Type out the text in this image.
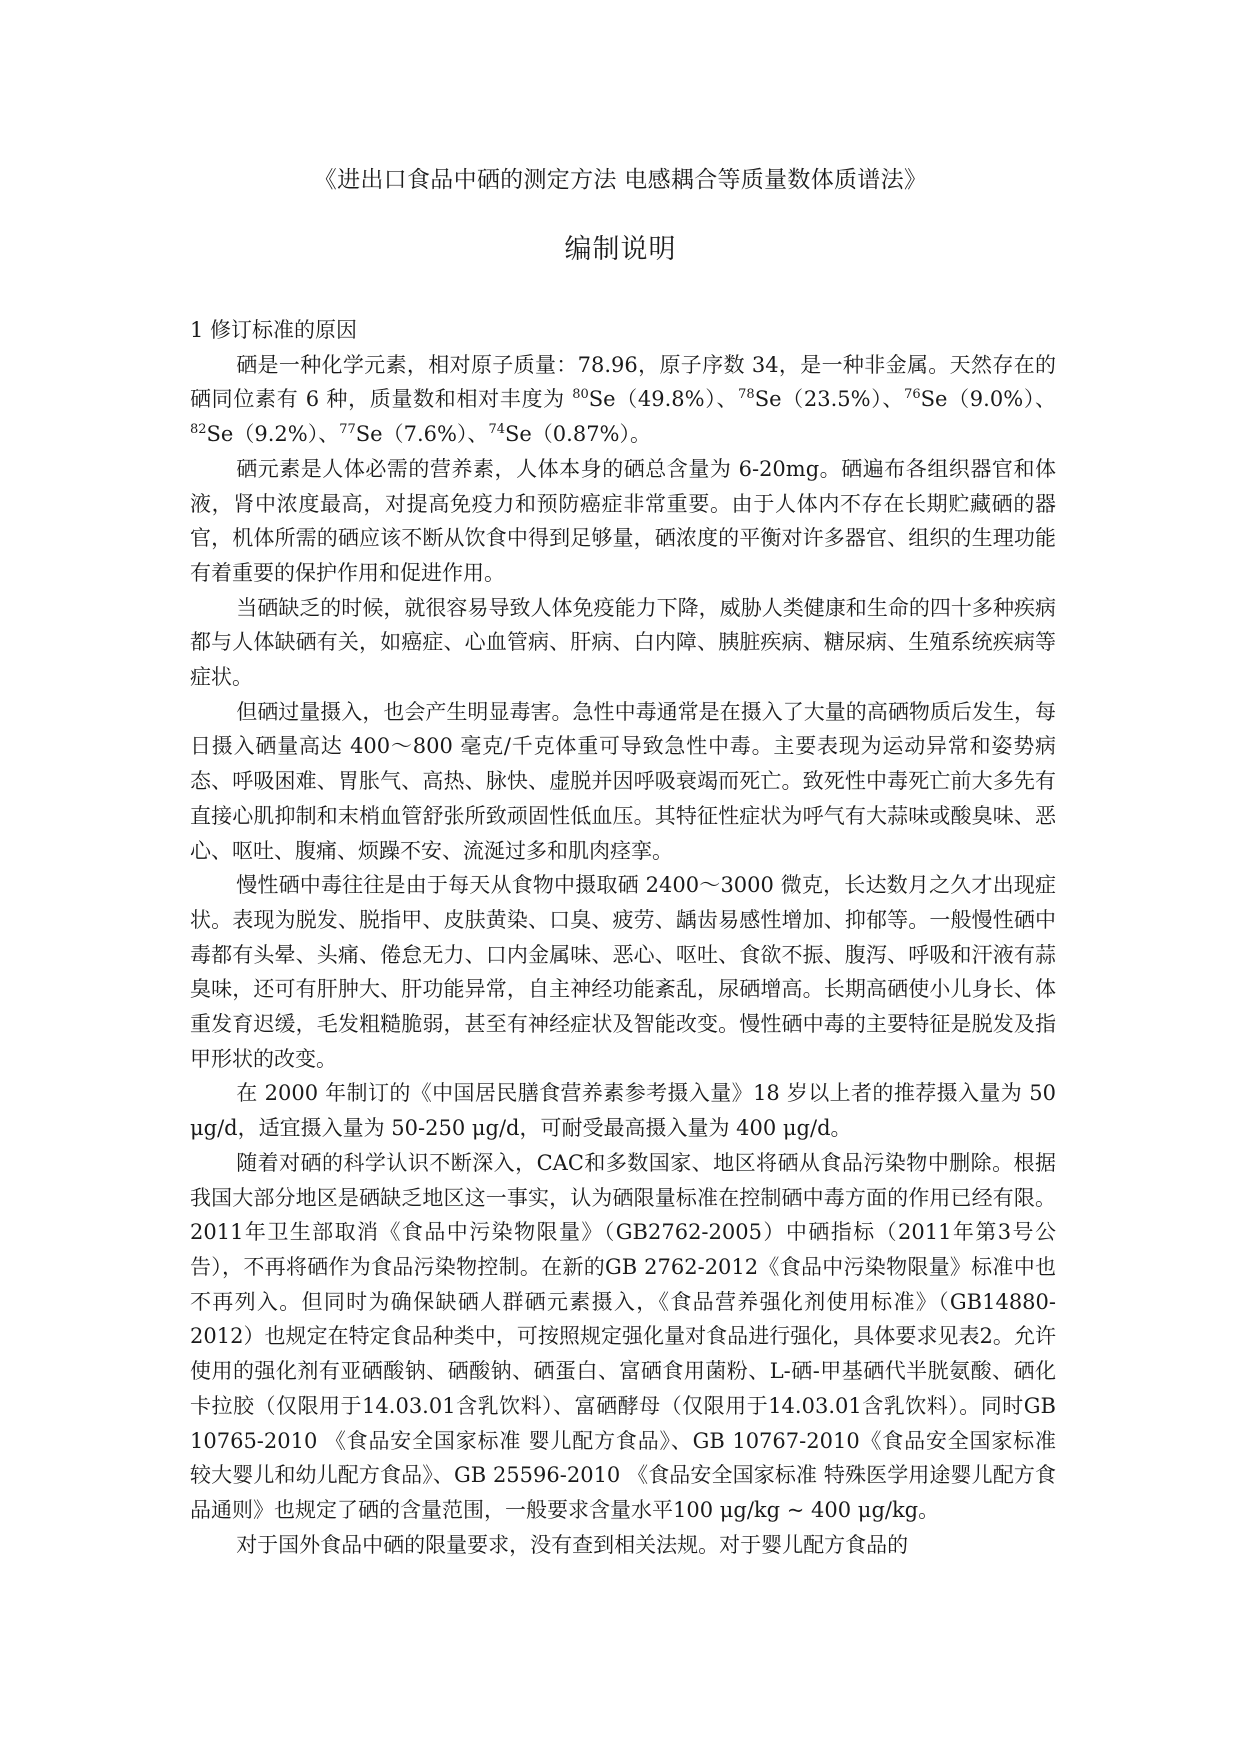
《进出口食品中硒的测定方法 电感耦合等质量数体质谱法》
编制说明

1 修订标准的原因

硒是一种化学元素，相对原子质量：78.96，原子序数 34，是一种非金属。天然存在的硒同位素有 6 种，质量数和相对丰度为 $^{80}$Se（49.8%）、$^{78}$Se（23.5%）、$^{76}$Se（9.0%）、$^{82}$Se（9.2%）、$^{77}$Se（7.6%）、$^{74}$Se（0.87%）。

硒元素是人体必需的营养素，人体本身的硒总含量为 6-20mg。硒遍布各组织器官和体液，肾中浓度最高，对提高免疫力和预防癌症非常重要。由于人体内不存在长期贮藏硒的器官，机体所需的硒应该不断从饮食中得到足够量，硒浓度的平衡对许多器官、组织的生理功能有着重要的保护作用和促进作用。

当硒缺乏的时候，就很容易导致人体免疫能力下降，威胁人类健康和生命的四十多种疾病都与人体缺硒有关，如癌症、心血管病、肝病、白内障、胰脏疾病、糖尿病、生殖系统疾病等症状。

但硒过量摄入，也会产生明显毒害。急性中毒通常是在摄入了大量的高硒物质后发生，每日摄入硒量高达 400～800 毫克/千克体重可导致急性中毒。主要表现为运动异常和姿势病态、呼吸困难、胃胀气、高热、脉快、虚脱并因呼吸衰竭而死亡。致死性中毒死亡前大多先有直接心肌抑制和末梢血管舒张所致顽固性低血压。其特征性症状为呼气有大蒜味或酸臭味、恶心、呕吐、腹痛、烦躁不安、流涎过多和肌肉痉挛。

慢性硒中毒往往是由于每天从食物中摄取硒 2400～3000 微克，长达数月之久才出现症状。表现为脱发、脱指甲、皮肤黄染、口臭、疲劳、龋齿易感性增加、抑郁等。一般慢性硒中毒都有头晕、头痛、倦怠无力、口内金属味、恶心、呕吐、食欲不振、腹泻、呼吸和汗液有蒜臭味，还可有肝肿大、肝功能异常，自主神经功能紊乱，尿硒增高。长期高硒使小儿身长、体重发育迟缓，毛发粗糙脆弱，甚至有神经症状及智能改变。慢性硒中毒的主要特征是脱发及指甲形状的改变。

在 2000 年制订的《中国居民膳食营养素参考摄入量》18 岁以上者的推荐摄入量为 50 μg/d，适宜摄入量为 50-250 μg/d，可耐受最高摄入量为 400 μg/d。

随着对硒的科学认识不断深入，CAC和多数国家、地区将硒从食品污染物中删除。根据我国大部分地区是硒缺乏地区这一事实，认为硒限量标准在控制硒中毒方面的作用已经有限。2011年卫生部取消《食品中污染物限量》（GB2762-2005）中硒指标（2011年第3号公告），不再将硒作为食品污染物控制。在新的GB 2762-2012《食品中污染物限量》标准中也不再列入。但同时为确保缺硒人群硒元素摄入，《食品营养强化剂使用标准》（GB14880-2012）也规定在特定食品种类中，可按照规定强化量对食品进行强化，具体要求见表2。允许使用的强化剂有亚硒酸钠、硒酸钠、硒蛋白、富硒食用菌粉、L-硒-甲基硒代半胱氨酸、硒化卡拉胶（仅限用于14.03.01含乳饮料）、富硒酵母（仅限用于14.03.01含乳饮料）。同时GB 10765-2010 《食品安全国家标准 婴儿配方食品》、GB 10767-2010《食品安全国家标准 较大婴儿和幼儿配方食品》、GB 25596-2010 《食品安全国家标准 特殊医学用途婴儿配方食品通则》也规定了硒的含量范围，一般要求含量水平100 μg/kg ~ 400 μg/kg。

对于国外食品中硒的限量要求，没有查到相关法规。对于婴儿配方食品的
